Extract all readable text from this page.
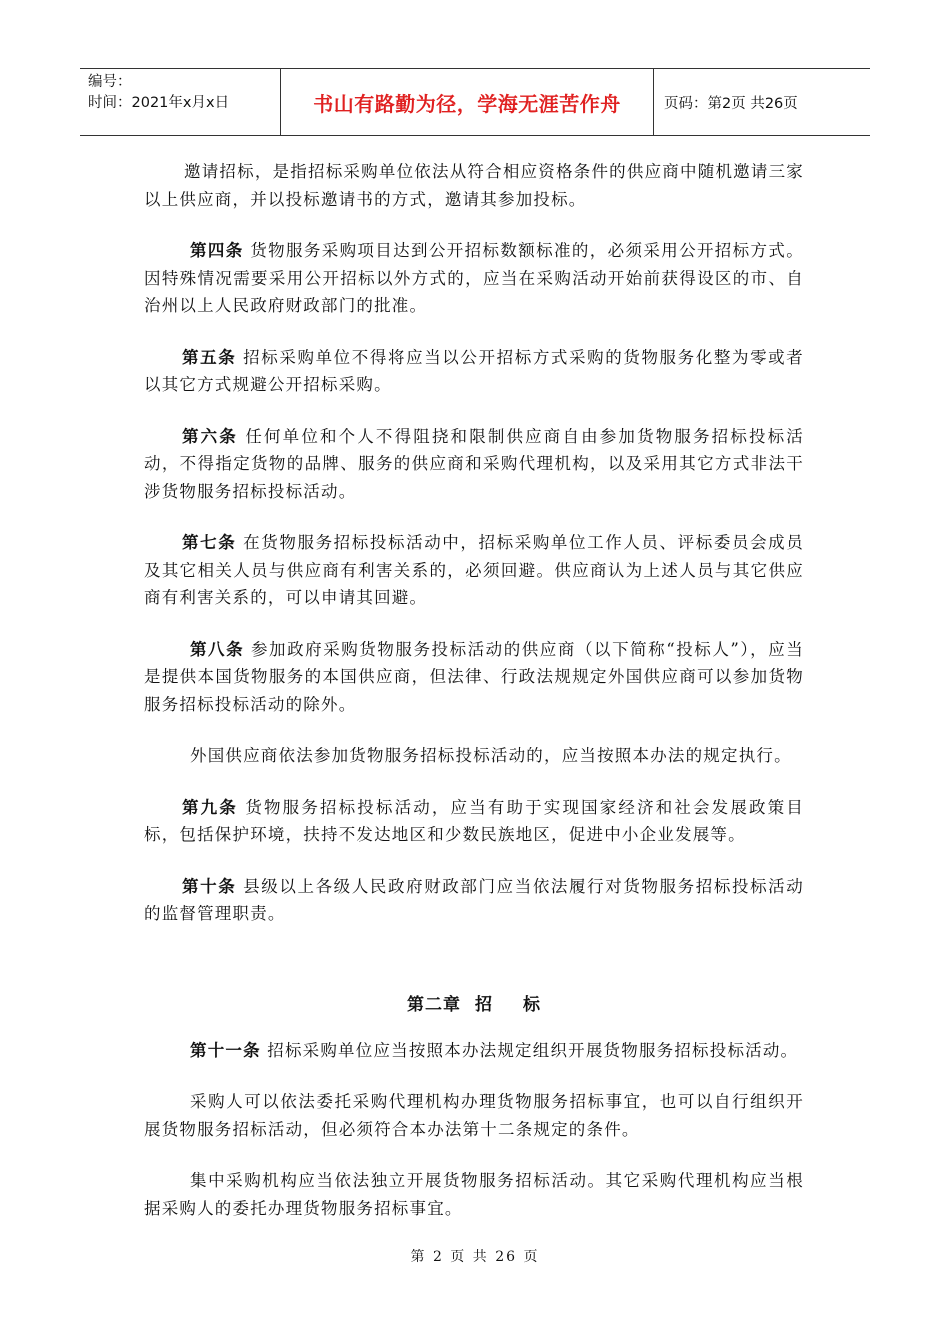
编号：
时间：2021年x月x日	书山有路勤为径，学海无涯苦作舟	页码：第2页 共26页

邀请招标，是指招标采购单位依法从符合相应资格条件的供应商中随机邀请三家以上供应商，并以投标邀请书的方式，邀请其参加投标。

第四条 货物服务采购项目达到公开招标数额标准的，必须采用公开招标方式。因特殊情况需要采用公开招标以外方式的，应当在采购活动开始前获得设区的市、自治州以上人民政府财政部门的批准。

第五条 招标采购单位不得将应当以公开招标方式采购的货物服务化整为零或者以其它方式规避公开招标采购。

第六条 任何单位和个人不得阻挠和限制供应商自由参加货物服务招标投标活动，不得指定货物的品牌、服务的供应商和采购代理机构，以及采用其它方式非法干涉货物服务招标投标活动。

第七条 在货物服务招标投标活动中，招标采购单位工作人员、评标委员会成员及其它相关人员与供应商有利害关系的，必须回避。供应商认为上述人员与其它供应商有利害关系的，可以申请其回避。

第八条 参加政府采购货物服务投标活动的供应商（以下简称“投标人”），应当是提供本国货物服务的本国供应商，但法律、行政法规规定外国供应商可以参加货物服务招标投标活动的除外。

外国供应商依法参加货物服务招标投标活动的，应当按照本办法的规定执行。

第九条 货物服务招标投标活动，应当有助于实现国家经济和社会发展政策目标，包括保护环境，扶持不发达地区和少数民族地区，促进中小企业发展等。

第十条 县级以上各级人民政府财政部门应当依法履行对货物服务招标投标活动的监督管理职责。

第二章 招 标

第十一条 招标采购单位应当按照本办法规定组织开展货物服务招标投标活动。

采购人可以依法委托采购代理机构办理货物服务招标事宜，也可以自行组织开展货物服务招标活动，但必须符合本办法第十二条规定的条件。

集中采购机构应当依法独立开展货物服务招标活动。其它采购代理机构应当根据采购人的委托办理货物服务招标事宜。

第 2 页 共 26 页
